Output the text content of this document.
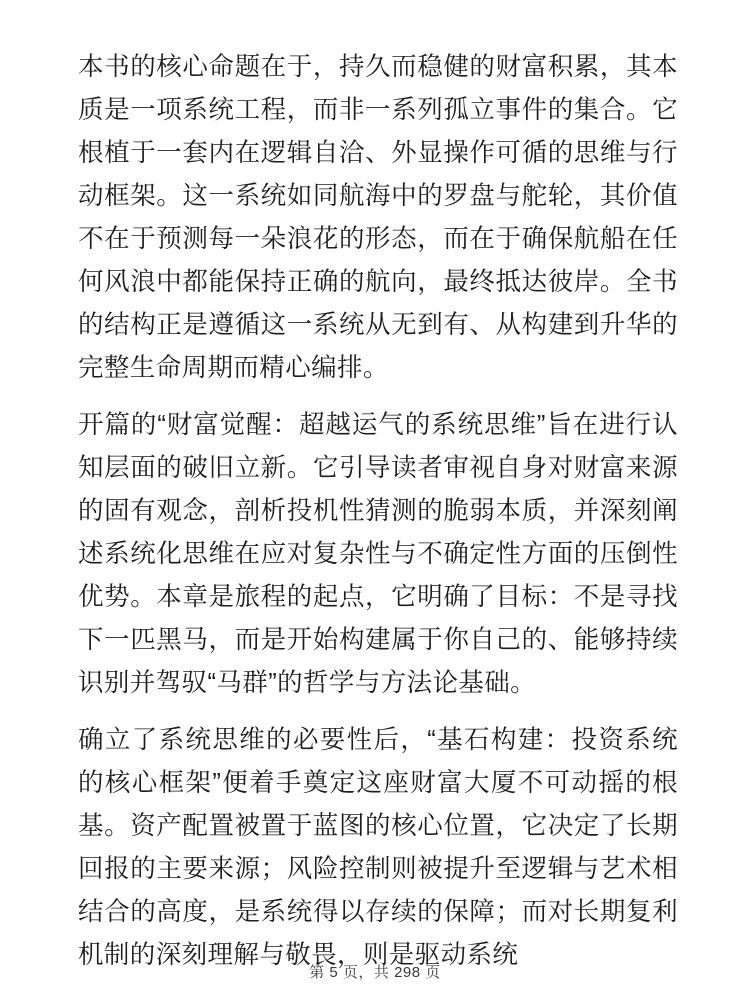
本书的核心命题在于，持久而稳健的财富积累，其本质是一项系统工程，而非一系列孤立事件的集合。它根植于一套内在逻辑自洽、外显操作可循的思维与行动框架。这一系统如同航海中的罗盘与舵轮，其价值不在于预测每一朵浪花的形态，而在于确保航船在任何风浪中都能保持正确的航向，最终抵达彼岸。全书的结构正是遵循这一系统从无到有、从构建到升华的完整生命周期而精心编排。

开篇的“财富觉醒：超越运气的系统思维”旨在进行认知层面的破旧立新。它引导读者审视自身对财富来源的固有观念，剖析投机性猜测的脆弱本质，并深刻阐述系统化思维在应对复杂性与不确定性方面的压倒性优势。本章是旅程的起点，它明确了目标：不是寻找下一匹黑马，而是开始构建属于你自己的、能够持续识别并驾驭“马群”的哲学与方法论基础。

确立了系统思维的必要性后，“基石构建：投资系统的核心框架”便着手奠定这座财富大厦不可动摇的根基。资产配置被置于蓝图的核心位置，它决定了长期回报的主要来源；风险控制则被提升至逻辑与艺术相结合的高度，是系统得以存续的保障；而对长期复利机制的深刻理解与敬畏，则是驱动系统

第 5 页，共 298 页
